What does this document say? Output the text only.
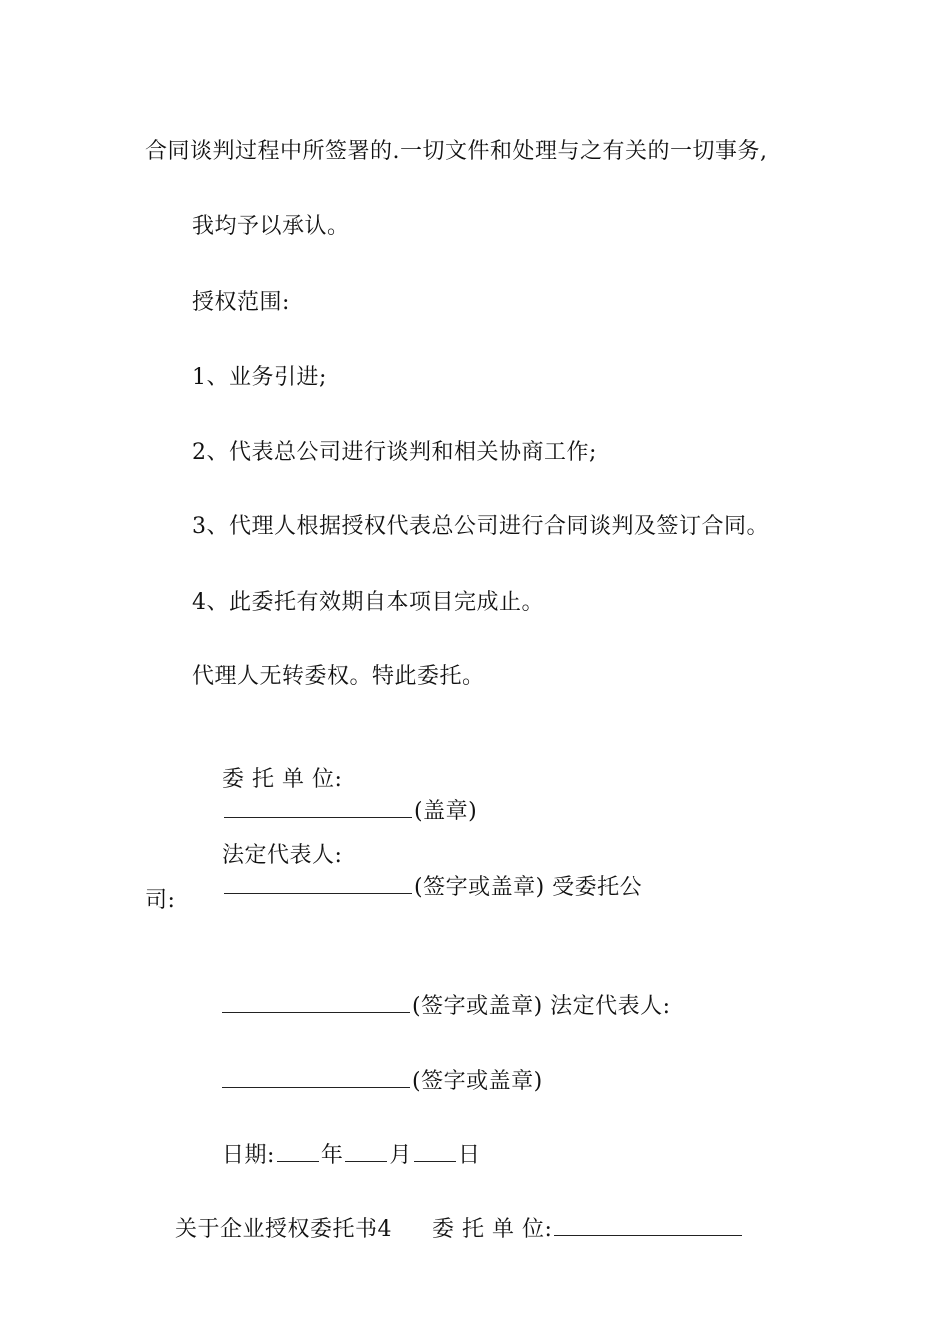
合同谈判过程中所签署的.一切文件和处理与之有关的一切事务,
我均予以承认。
授权范围:
1、业务引进;
2、代表总公司进行谈判和相关协商工作;
3、代理人根据授权代表总公司进行合同谈判及签订合同。
4、此委托有效期自本项目完成止。
代理人无转委权。特此委托。

委 托 单 位:
(盖章)

法定代表人:
(签字或盖章) 受委托公

司:

(签字或盖章) 法定代表人:

(签字或盖章)

日期: 年 月 日

关于企业授权委托书4 委 托 单 位:
